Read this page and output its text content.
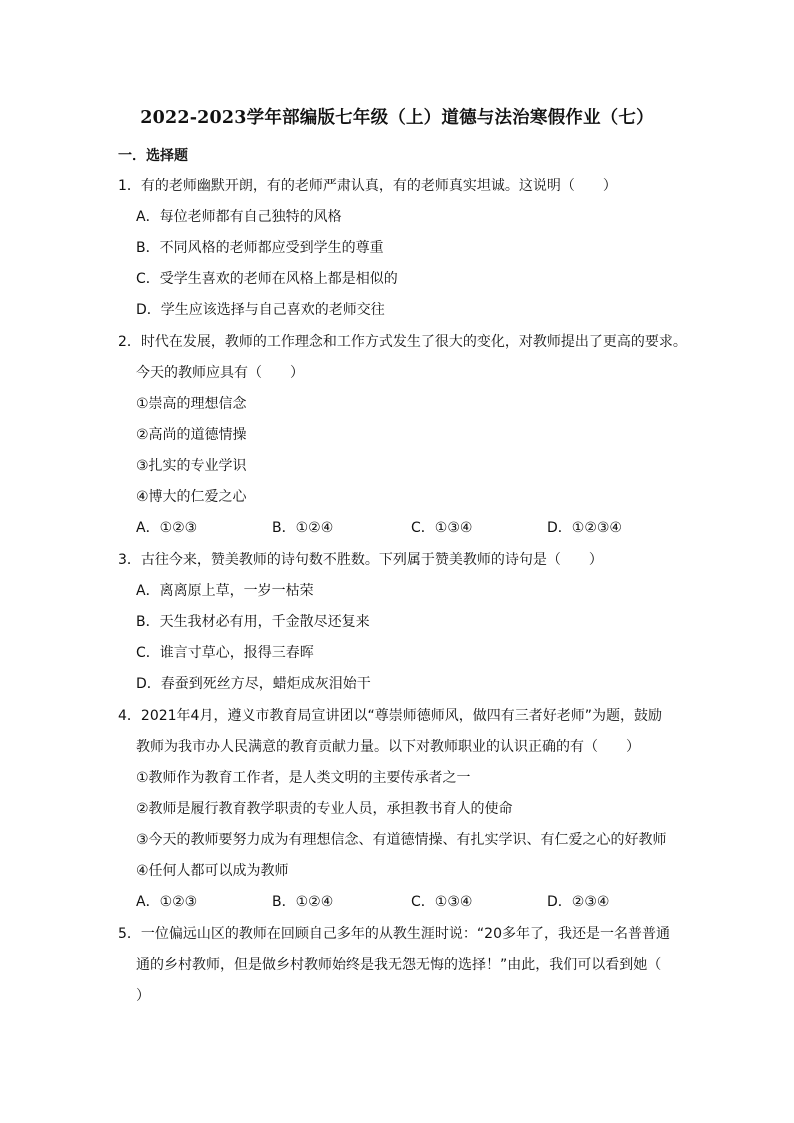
2022-2023学年部编版七年级（上）道德与法治寒假作业（七）
一．选择题
1．有的老师幽默开朗，有的老师严肃认真，有的老师真实坦诚。这说明（　　）
A．每位老师都有自己独特的风格
B．不同风格的老师都应受到学生的尊重
C．受学生喜欢的老师在风格上都是相似的
D．学生应该选择与自己喜欢的老师交往
2．时代在发展，教师的工作理念和工作方式发生了很大的变化，对教师提出了更高的要求。
今天的教师应具有（　　）
①崇高的理想信念
②高尚的道德情操
③扎实的专业学识
④博大的仁爱之心
A．①②③	B．①②④	C．①③④	D．①②③④
3．古往今来，赞美教师的诗句数不胜数。下列属于赞美教师的诗句是（　　）
A．离离原上草，一岁一枯荣
B．天生我材必有用，千金散尽还复来
C．谁言寸草心，报得三春晖
D．春蚕到死丝方尽，蜡炬成灰泪始干
4．2021年4月，遵义市教育局宣讲团以“尊崇师德师风，做四有三者好老师”为题，鼓励
教师为我市办人民满意的教育贡献力量。以下对教师职业的认识正确的有（　　）
①教师作为教育工作者，是人类文明的主要传承者之一
②教师是履行教育教学职责的专业人员，承担教书育人的使命
③今天的教师要努力成为有理想信念、有道德情操、有扎实学识、有仁爱之心的好教师
④任何人都可以成为教师
A．①②③	B．①②④	C．①③④	D．②③④
5．一位偏远山区的教师在回顾自己多年的从教生涯时说：“20多年了，我还是一名普普通
通的乡村教师，但是做乡村教师始终是我无怨无悔的选择！”由此，我们可以看到她（
）
